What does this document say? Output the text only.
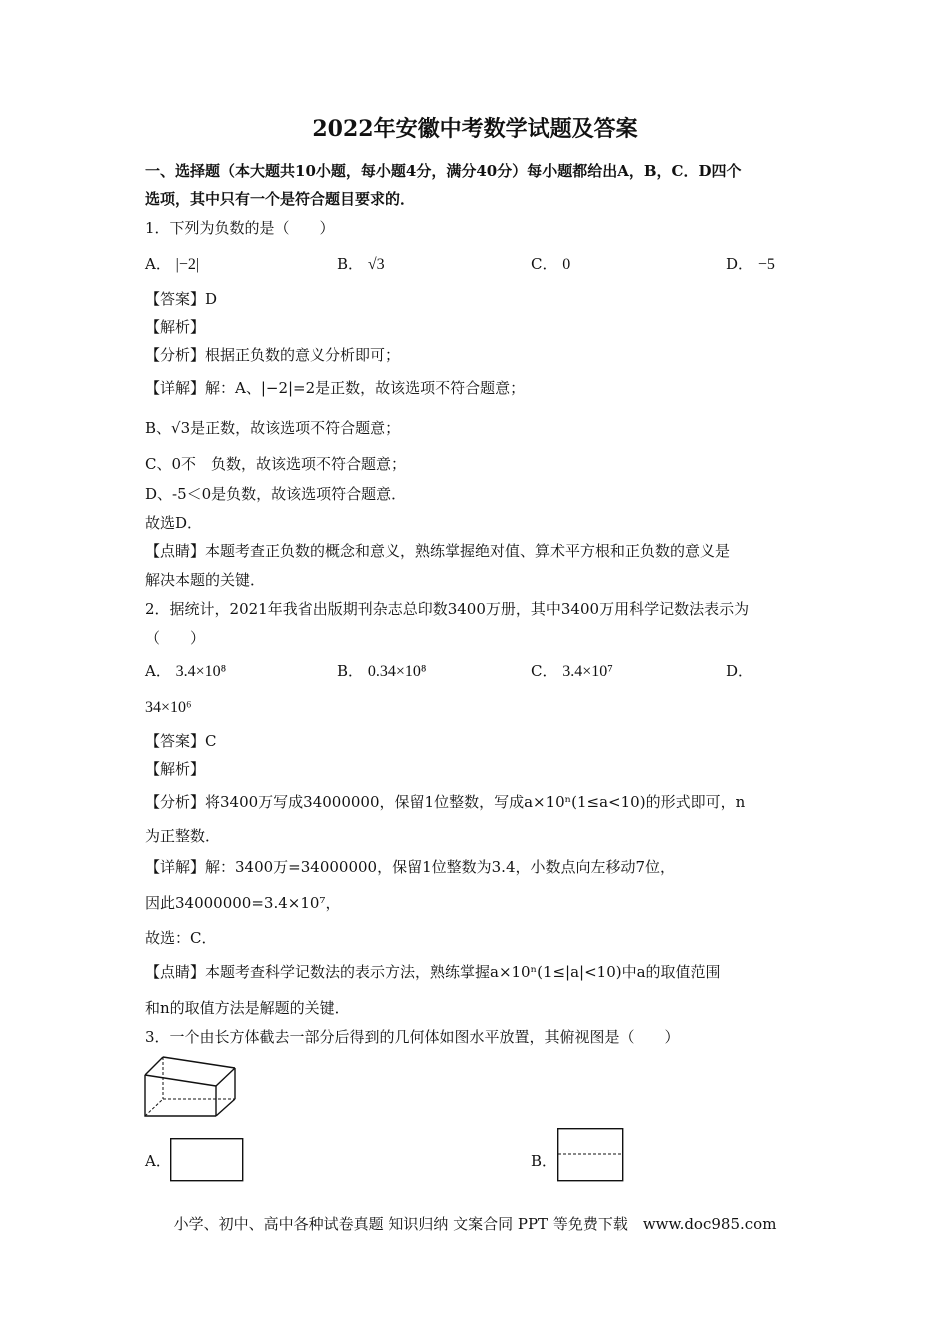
2022年安徽中考数学试题及答案
一、选择题（本大题共10小题，每小题4分，满分40分）每小题都给出A，B，C．D四个
选项，其中只有一个是符合题目要求的．
1．下列为负数的是（　　）
A． |−2|	B． √3	C． 0	D． −5
【答案】D
【解析】
【分析】根据正负数的意义分析即可；
【详解】解：A、|−2|=2是正数，故该选项不符合题意；
B、√3是正数，故该选项不符合题意；
C、0不　负数，故该选项不符合题意；
D、-5＜0是负数，故该选项符合题意．
故选D．
【点睛】本题考查正负数的概念和意义，熟练掌握绝对值、算术平方根和正负数的意义是
解决本题的关键．
2．据统计，2021年我省出版期刊杂志总印数3400万册，其中3400万用科学记数法表示为
（　　）
A． 3.4×10⁸	B． 0.34×10⁸	C． 3.4×10⁷	D．
34×10⁶
【答案】C
【解析】
【分析】将3400万写成34000000，保留1位整数，写成a×10ⁿ(1≤a<10)的形式即可，n
为正整数．
【详解】解：3400万=34000000，保留1位整数为3.4，小数点向左移动7位，
因此34000000=3.4×10⁷，
故选：C．
【点睛】本题考查科学记数法的表示方法，熟练掌握a×10ⁿ(1≤|a|<10)中a的取值范围
和n的取值方法是解题的关键．
3．一个由长方体截去一部分后得到的几何体如图水平放置，其俯视图是（　　）
A．	B．
小学、初中、高中各种试卷真题 知识归纳 文案合同 PPT 等免费下载　www.doc985.com
